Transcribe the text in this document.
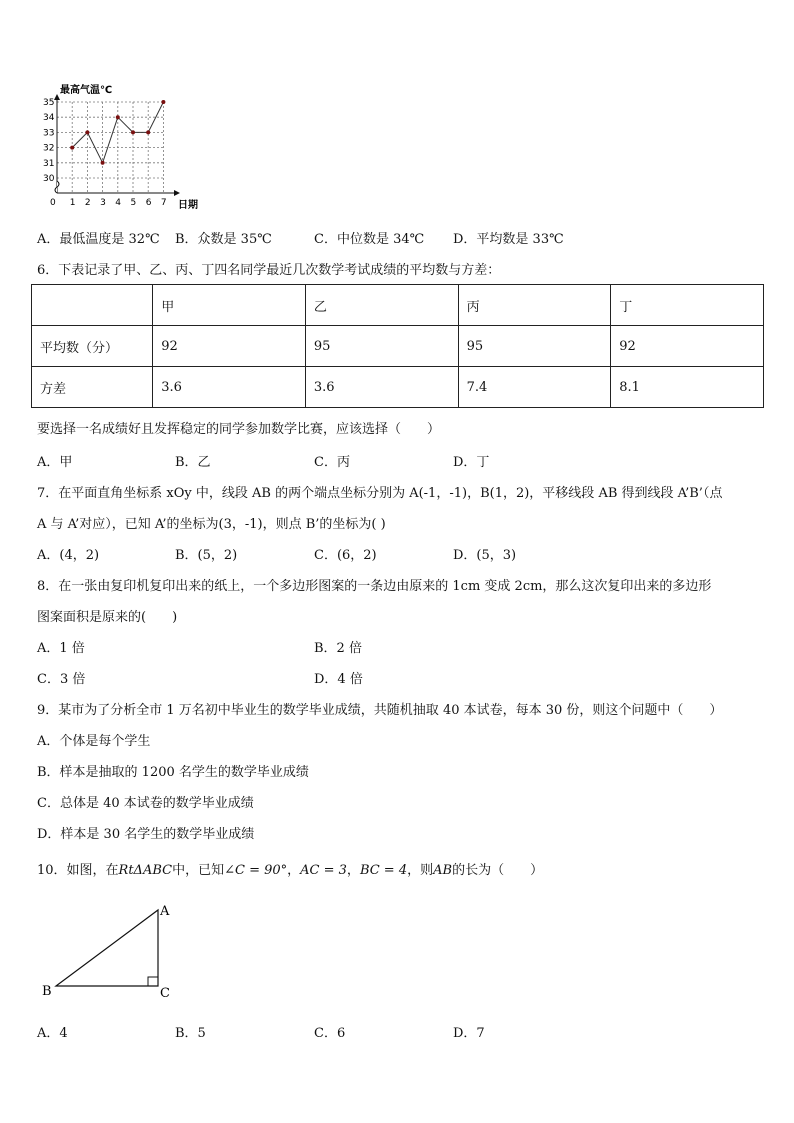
35
34
33
32
31
30
0 1 2 3 4 5 6 7
最高气温℃
日期
A．最低温度是 32℃ B．众数是 35℃	C．中位数是 34℃ D．平均数是 33℃
6．下表记录了甲、乙、丙、丁四名同学最近几次数学考试成绩的平均数与方差：
	甲	乙	丙	丁
平均数（分）	92	95	95	92
方差	3.6	3.6	7.4	8.1
要选择一名成绩好且发挥稳定的同学参加数学比赛，应该选择（　　）
A．甲	B．乙	C．丙	D．丁
7．在平面直角坐标系 xOy 中，线段 AB 的两个端点坐标分别为 A(-1，-1)，B(1，2)，平移线段 AB 得到线段 A’B’（点
A 与 A’对应），已知 A’的坐标为(3，-1)，则点 B’的坐标为( )
A．(4，2)	B．(5，2)	C．(6，2)	D．(5，3)
8．在一张由复印机复印出来的纸上，一个多边形图案的一条边由原来的 1cm 变成 2cm，那么这次复印出来的多边形
图案面积是原来的(　　)
A．1 倍	B．2 倍
C．3 倍	D．4 倍
9．某市为了分析全市 1 万名初中毕业生的数学毕业成绩，共随机抽取 40 本试卷，每本 30 份，则这个问题中（　　）
A．个体是每个学生
B．样本是抽取的 1200 名学生的数学毕业成绩
C．总体是 40 本试卷的数学毕业成绩
D．样本是 30 名学生的数学毕业成绩
10．如图，在RtΔABC中，已知∠C = 90°，AC = 3，BC = 4，则AB的长为（　　）
A
B	C
A．4	B．5	C．6	D．7
